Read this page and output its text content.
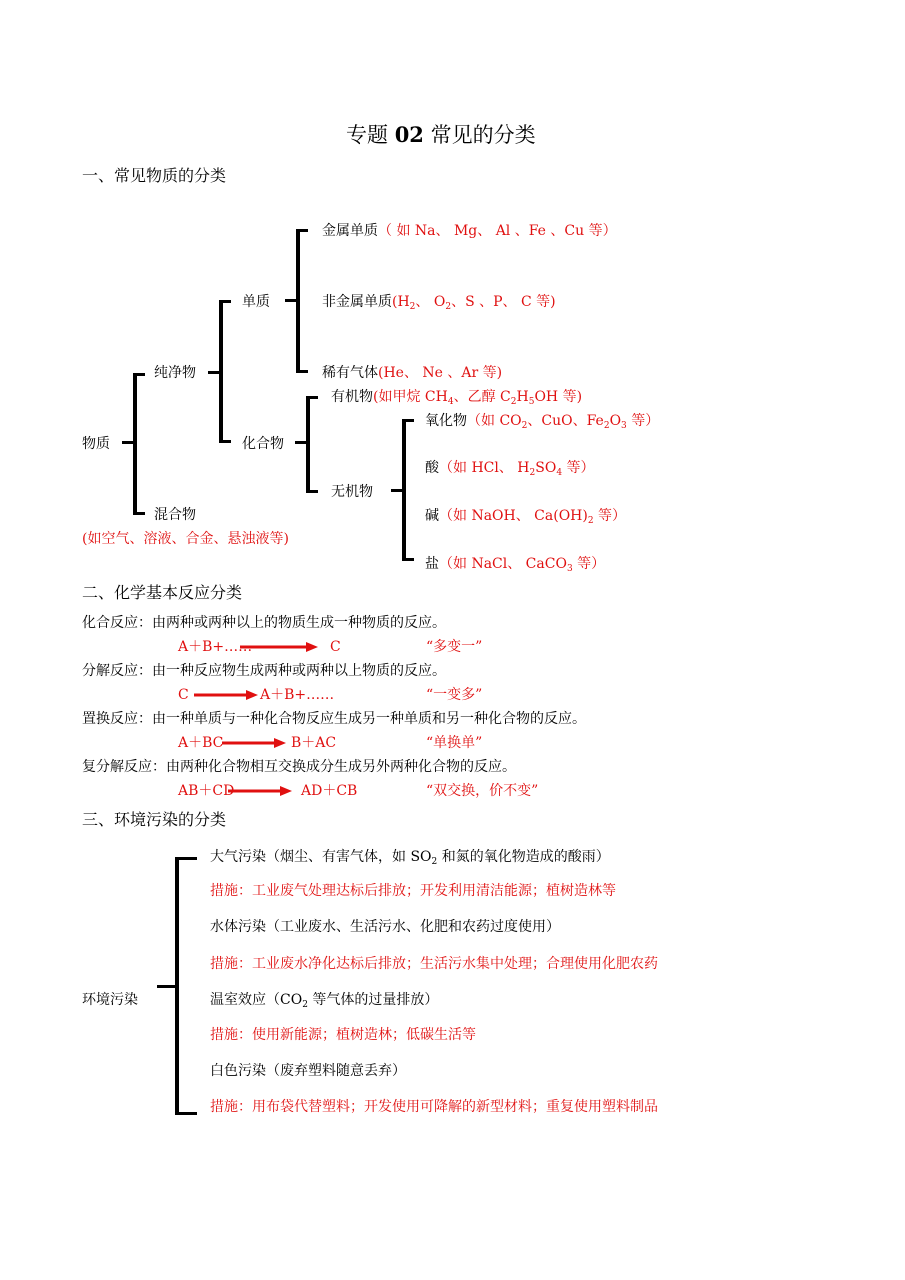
专题 02 常见的分类
一、常见物质的分类
物质
纯净物
混合物
(如空气、溶液、合金、悬浊液等)
单质
化合物
金属单质（ 如 Na、 Mg、 Al 、Fe 、Cu 等）
非金属单质($H_2$、 $O_2$、S 、P、 C 等)
稀有气体(He、 Ne 、Ar 等)
有机物(如甲烷 $CH_4$、乙醇 $C_2H_5OH$ 等)
无机物
氧化物（如 $CO_2$、CuO、$Fe_2O_3$ 等）
酸（如 HCl、 $H_2SO_4$ 等）
碱（如 NaOH、 $Ca(OH)_2$ 等）
盐（如 NaCl、 CaCO$_3$ 等）
二、化学基本反应分类
化合反应：由两种或两种以上的物质生成一种物质的反应。
A＋B+……	C	“多变一”
分解反应：由一种反应物生成两种或两种以上物质的反应。
C	A＋B+……	“一变多”
置换反应：由一种单质与一种化合物反应生成另一种单质和另一种化合物的反应。
A＋BC	B＋AC	“单换单”
复分解反应：由两种化合物相互交换成分生成另外两种化合物的反应。
AB＋CD	AD＋CB	“双交换，价不变”
三、环境污染的分类
环境污染
大气污染（烟尘、有害气体，如 $SO_2$ 和氮的氧化物造成的酸雨）
措施：工业废气处理达标后排放；开发利用清洁能源；植树造林等
水体污染（工业废水、生活污水、化肥和农药过度使用）
措施：工业废水净化达标后排放；生活污水集中处理；合理使用化肥农药
温室效应（$CO_2$ 等气体的过量排放）
措施：使用新能源；植树造林；低碳生活等
白色污染（废弃塑料随意丢弃）
措施：用布袋代替塑料；开发使用可降解的新型材料；重复使用塑料制品
